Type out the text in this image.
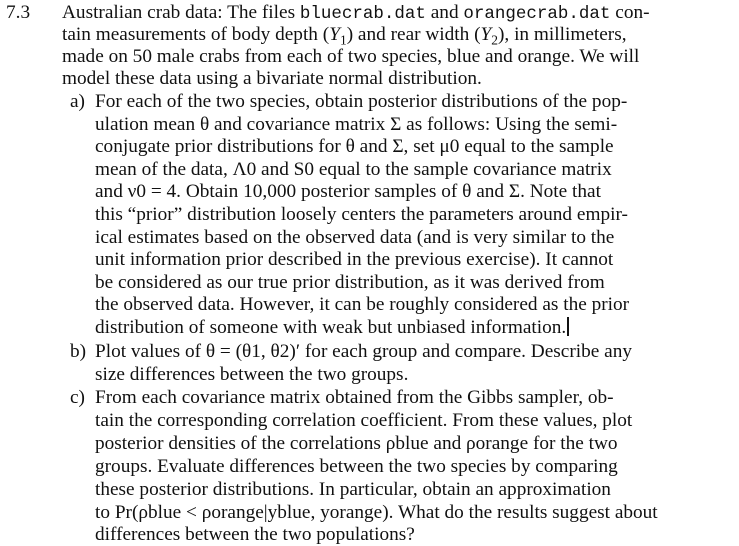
7.3 Australian crab data: The files bluecrab.dat and orangecrab.dat con-
tain measurements of body depth $(Y_1)$ and rear width $(Y_2)$, in millimeters,
made on 50 male crabs from each of two species, blue and orange. We will
model these data using a bivariate normal distribution.
a) For each of the two species, obtain posterior distributions of the pop-
ulation mean θ and covariance matrix Σ as follows: Using the semi-
conjugate prior distributions for θ and Σ, set μ0 equal to the sample
mean of the data, Λ0 and S0 equal to the sample covariance matrix
and ν0 = 4. Obtain 10,000 posterior samples of θ and Σ. Note that
this “prior” distribution loosely centers the parameters around empir-
ical estimates based on the observed data (and is very similar to the
unit information prior described in the previous exercise). It cannot
be considered as our true prior distribution, as it was derived from
the observed data. However, it can be roughly considered as the prior
distribution of someone with weak but unbiased information.
b) Plot values of θ = (θ1, θ2)′ for each group and compare. Describe any
size differences between the two groups.
c) From each covariance matrix obtained from the Gibbs sampler, ob-
tain the corresponding correlation coefficient. From these values, plot
posterior densities of the correlations ρblue and ρorange for the two
groups. Evaluate differences between the two species by comparing
these posterior distributions. In particular, obtain an approximation
to Pr(ρblue < ρorange|yblue, yorange). What do the results suggest about
differences between the two populations?
